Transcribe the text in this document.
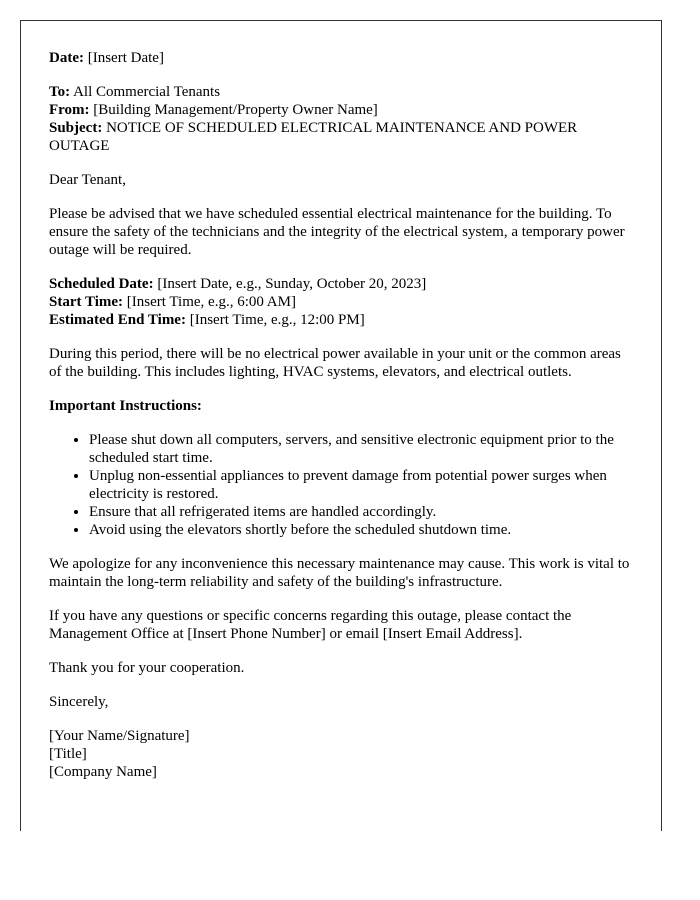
Date: [Insert Date]

To: All Commercial Tenants
From: [Building Management/Property Owner Name]
Subject: NOTICE OF SCHEDULED ELECTRICAL MAINTENANCE AND POWER OUTAGE

Dear Tenant,

Please be advised that we have scheduled essential electrical maintenance for the building. To ensure the safety of the technicians and the integrity of the electrical system, a temporary power outage will be required.

Scheduled Date: [Insert Date, e.g., Sunday, October 20, 2023]
Start Time: [Insert Time, e.g., 6:00 AM]
Estimated End Time: [Insert Time, e.g., 12:00 PM]

During this period, there will be no electrical power available in your unit or the common areas of the building. This includes lighting, HVAC systems, elevators, and electrical outlets.

Important Instructions:

• Please shut down all computers, servers, and sensitive electronic equipment prior to the scheduled start time.
• Unplug non-essential appliances to prevent damage from potential power surges when electricity is restored.
• Ensure that all refrigerated items are handled accordingly.
• Avoid using the elevators shortly before the scheduled shutdown time.

We apologize for any inconvenience this necessary maintenance may cause. This work is vital to maintain the long-term reliability and safety of the building's infrastructure.

If you have any questions or specific concerns regarding this outage, please contact the Management Office at [Insert Phone Number] or email [Insert Email Address].

Thank you for your cooperation.

Sincerely,

[Your Name/Signature]
[Title]
[Company Name]
